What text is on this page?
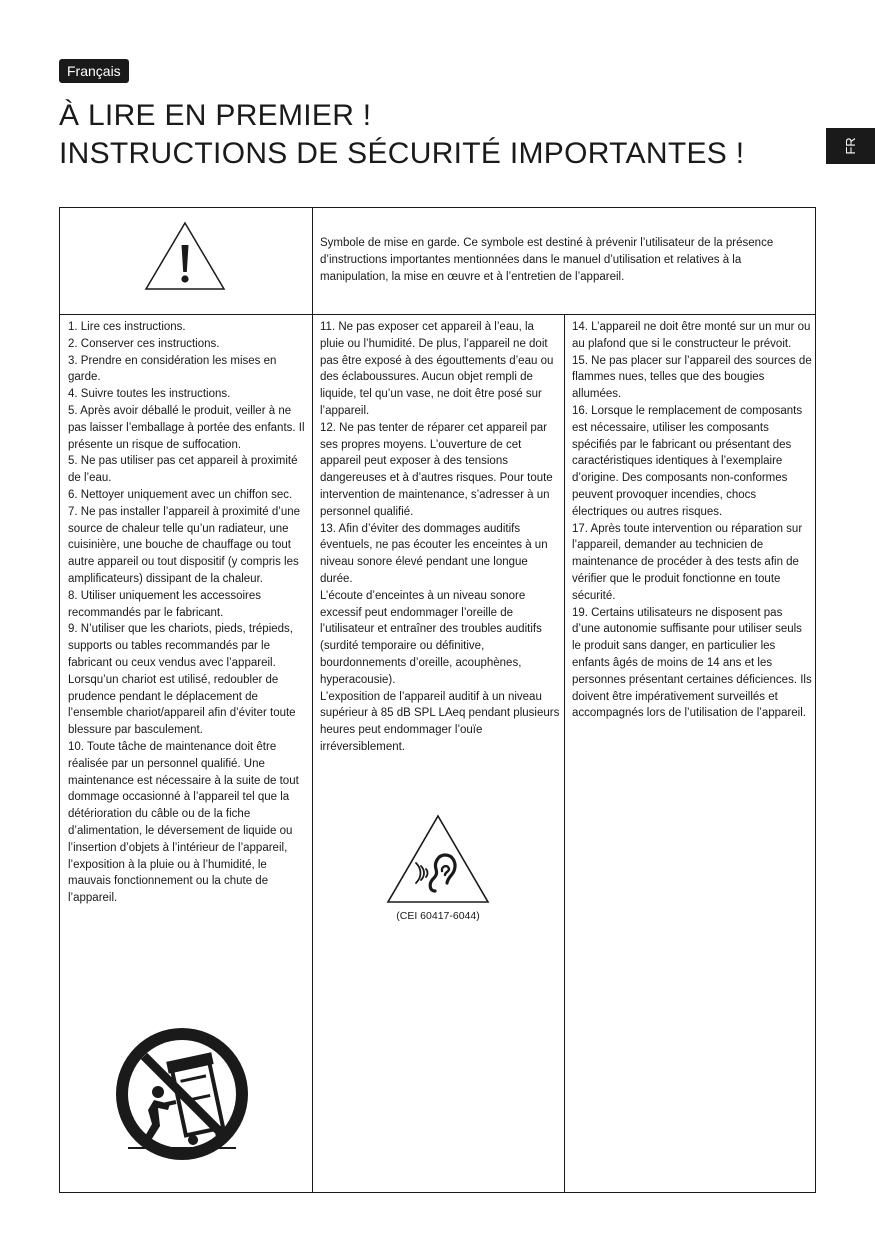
Français
À LIRE EN PREMIER !
INSTRUCTIONS DE SÉCURITÉ IMPORTANTES !	FR
Symbole de mise en garde. Ce symbole est destiné à prévenir l’utilisateur de la présence d’instructions importantes mentionnées dans le manuel d’utilisation et relatives à la manipulation, la mise en œuvre et à l’entretien de l’appareil.
1. Lire ces instructions.
2. Conserver ces instructions.
3. Prendre en considération les mises en garde.
4. Suivre toutes les instructions.
5. Après avoir déballé le produit, veiller à ne pas laisser l’emballage à portée des enfants. Il présente un risque de suffocation.
5. Ne pas utiliser pas cet appareil à proximité de l’eau.
6. Nettoyer uniquement avec un chiffon sec.
7. Ne pas installer l’appareil à proximité d’une source de chaleur telle qu’un radiateur, une cuisinière, une bouche de chauffage ou tout autre appareil ou tout dispositif (y compris les amplificateurs) dissipant de la chaleur.
8. Utiliser uniquement les accessoires recommandés par le fabricant.
9. N’utiliser que les chariots, pieds, trépieds, supports ou tables recommandés par le fabricant ou ceux vendus avec l’appareil. Lorsqu’un chariot est utilisé, redoubler de prudence pendant le déplacement de l’ensemble chariot/appareil afin d’éviter toute blessure par basculement.
10. Toute tâche de maintenance doit être réalisée par un personnel qualifié. Une maintenance est nécessaire à la suite de tout dommage occasionné à l’appareil tel que la détérioration du câble ou de la fiche d’alimentation, le déversement de liquide ou l’insertion d’objets à l’intérieur de l’appareil, l’exposition à la pluie ou à l’humidité, le mauvais fonctionnement ou la chute de l’appareil.
11. Ne pas exposer cet appareil à l’eau, la pluie ou l’humidité. De plus, l’appareil ne doit pas être exposé à des égouttements d’eau ou des éclaboussures. Aucun objet rempli de liquide, tel qu’un vase, ne doit être posé sur l’appareil.
12. Ne pas tenter de réparer cet appareil par ses propres moyens. L’ouverture de cet appareil peut exposer à des tensions dangereuses et à d’autres risques. Pour toute intervention de maintenance, s’adresser à un personnel qualifié.
13. Afin d’éviter des dommages auditifs éventuels, ne pas écouter les enceintes à un niveau sonore élevé pendant une longue durée.
L’écoute d’enceintes à un niveau sonore excessif peut endommager l’oreille de l’utilisateur et entraîner des troubles auditifs (surdité temporaire ou définitive, bourdonnements d’oreille, acouphènes, hyperacousie).
L’exposition de l’appareil auditif à un niveau supérieur à 85 dB SPL LAeq pendant plusieurs heures peut endommager l’ouïe irréversiblement.
(CEI 60417-6044)
14. L’appareil ne doit être monté sur un mur ou au plafond que si le constructeur le prévoit.
15. Ne pas placer sur l’appareil des sources de flammes nues, telles que des bougies allumées.
16. Lorsque le remplacement de composants est nécessaire, utiliser les composants spécifiés par le fabricant ou présentant des caractéristiques identiques à l’exemplaire d’origine. Des composants non-conformes peuvent provoquer incendies, chocs électriques ou autres risques.
17. Après toute intervention ou réparation sur l’appareil, demander au technicien de maintenance de procéder à des tests afin de vérifier que le produit fonctionne en toute sécurité.
19. Certains utilisateurs ne disposent pas d’une autonomie suffisante pour utiliser seuls le produit sans danger, en particulier les enfants âgés de moins de 14 ans et les personnes présentant certaines déficiences. Ils doivent être impérativement surveillés et accompagnés lors de l’utilisation de l’appareil.
